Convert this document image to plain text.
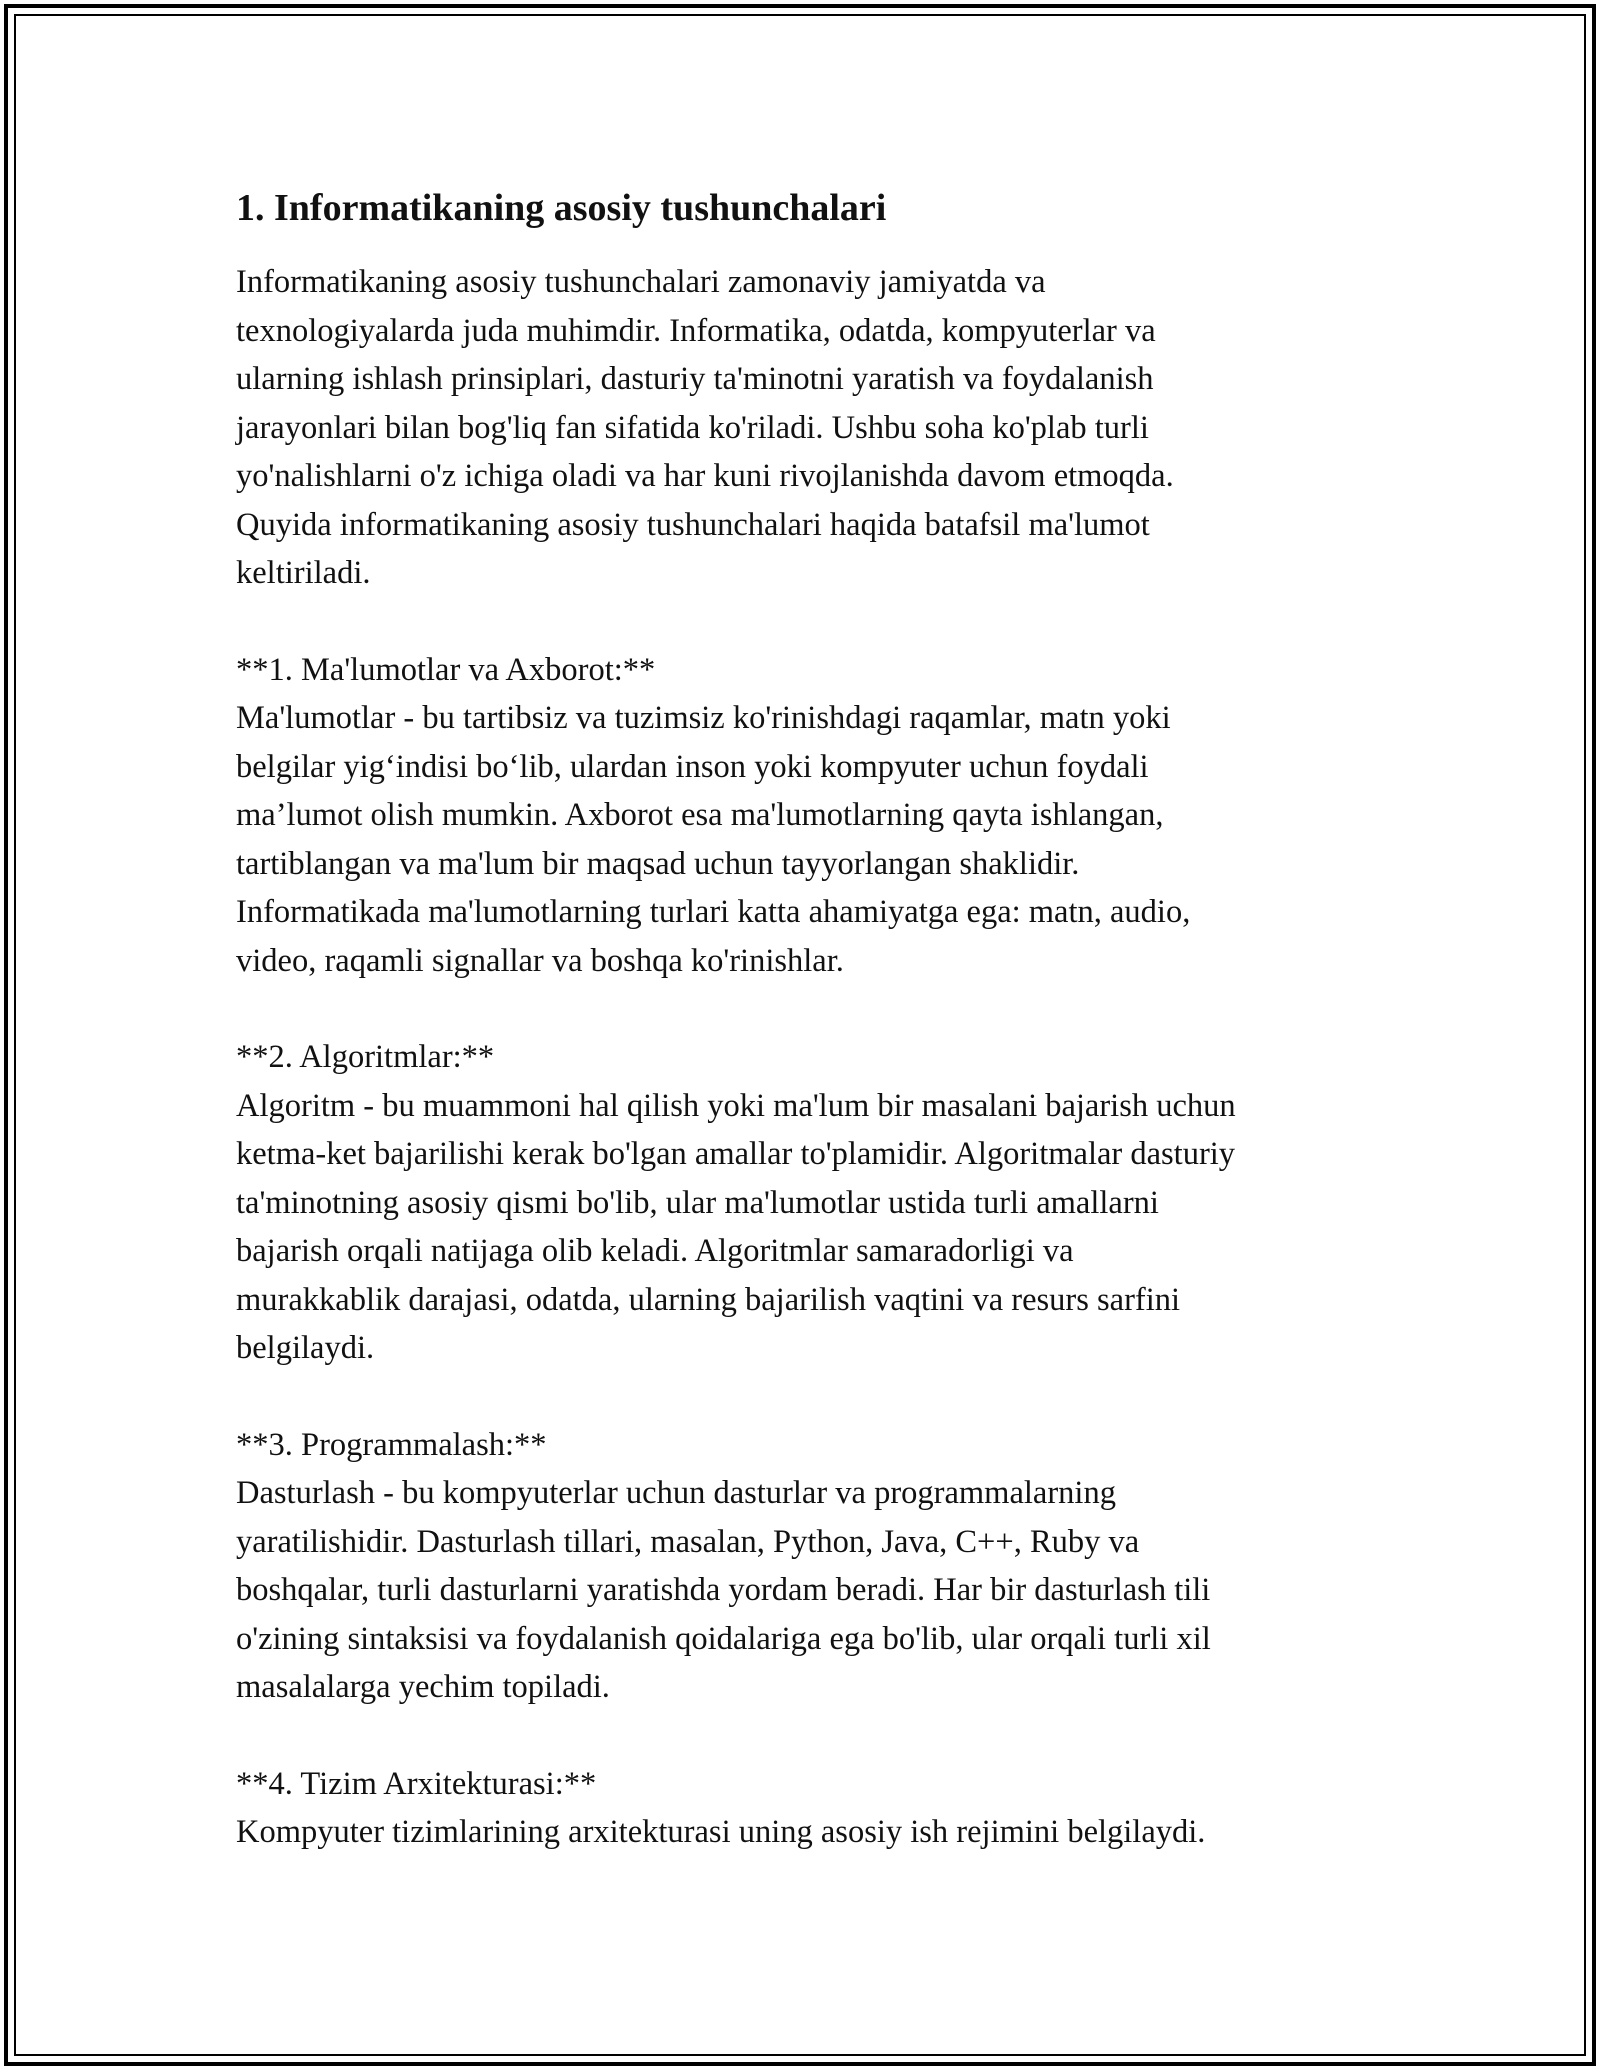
1. Informatikaning asosiy tushunchalari
Informatikaning asosiy tushunchalari zamonaviy jamiyatda va
texnologiyalarda juda muhimdir. Informatika, odatda, kompyuterlar va
ularning ishlash prinsiplari, dasturiy ta'minotni yaratish va foydalanish
jarayonlari bilan bog'liq fan sifatida ko'riladi. Ushbu soha ko'plab turli
yo'nalishlarni o'z ichiga oladi va har kuni rivojlanishda davom etmoqda.
Quyida informatikaning asosiy tushunchalari haqida batafsil ma'lumot
keltiriladi.
**1. Ma'lumotlar va Axborot:**
Ma'lumotlar - bu tartibsiz va tuzimsiz ko'rinishdagi raqamlar, matn yoki
belgilar yig‘indisi bo‘lib, ulardan inson yoki kompyuter uchun foydali
ma’lumot olish mumkin. Axborot esa ma'lumotlarning qayta ishlangan,
tartiblangan va ma'lum bir maqsad uchun tayyorlangan shaklidir.
Informatikada ma'lumotlarning turlari katta ahamiyatga ega: matn, audio,
video, raqamli signallar va boshqa ko'rinishlar.
**2. Algoritmlar:**
Algoritm - bu muammoni hal qilish yoki ma'lum bir masalani bajarish uchun
ketma-ket bajarilishi kerak bo'lgan amallar to'plamidir. Algoritmalar dasturiy
ta'minotning asosiy qismi bo'lib, ular ma'lumotlar ustida turli amallarni
bajarish orqali natijaga olib keladi. Algoritmlar samaradorligi va
murakkablik darajasi, odatda, ularning bajarilish vaqtini va resurs sarfini
belgilaydi.
**3. Programmalash:**
Dasturlash - bu kompyuterlar uchun dasturlar va programmalarning
yaratilishidir. Dasturlash tillari, masalan, Python, Java, C++, Ruby va
boshqalar, turli dasturlarni yaratishda yordam beradi. Har bir dasturlash tili
o'zining sintaksisi va foydalanish qoidalariga ega bo'lib, ular orqali turli xil
masalalarga yechim topiladi.
**4. Tizim Arxitekturasi:**
Kompyuter tizimlarining arxitekturasi uning asosiy ish rejimini belgilaydi.
